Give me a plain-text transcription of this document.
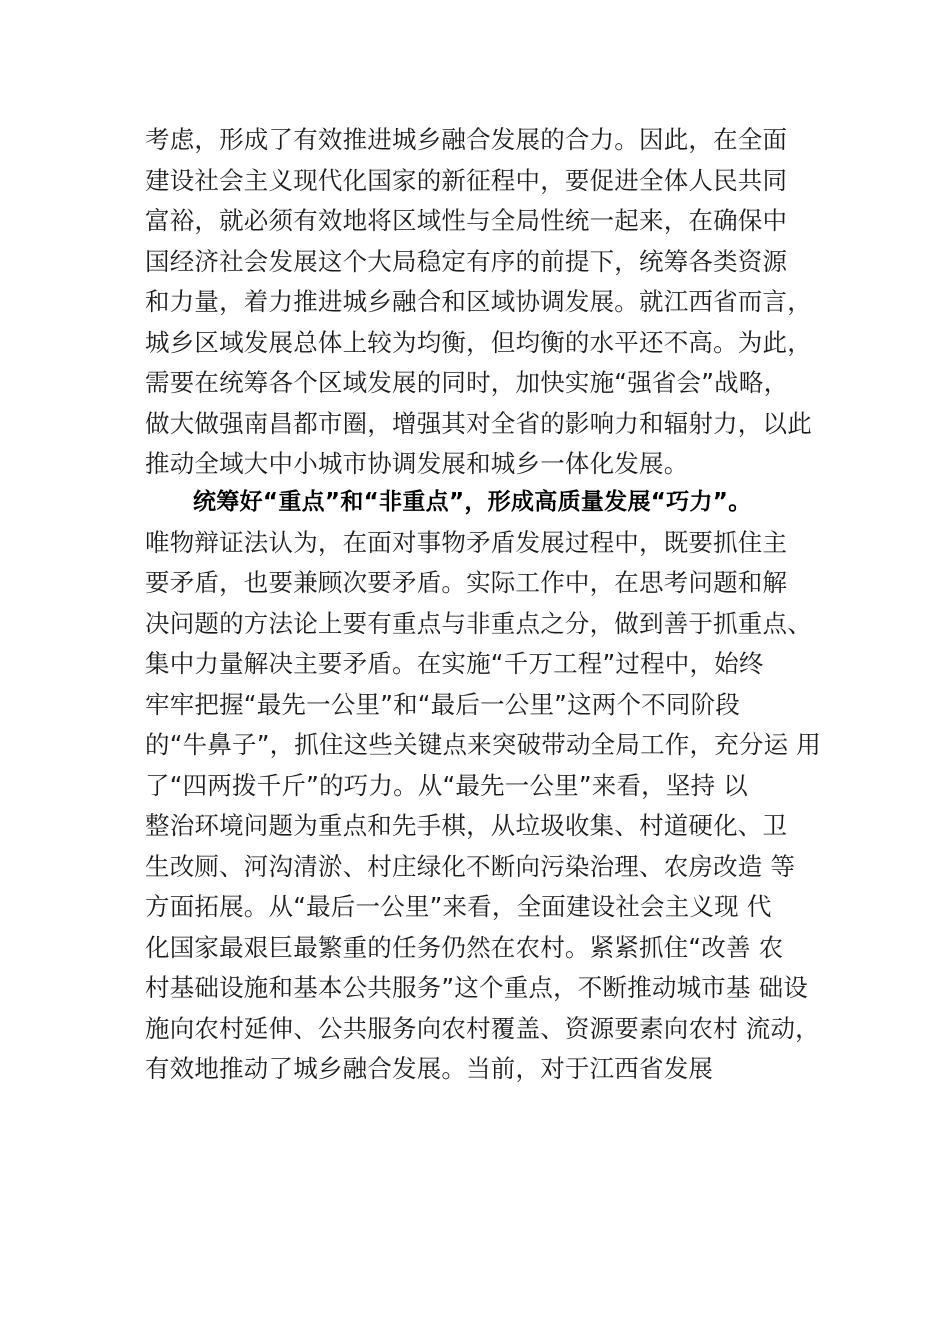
考虑，形成了有效推进城乡融合发展的合力。因此，在全面
建设社会主义现代化国家的新征程中，要促进全体人民共同
富裕，就必须有效地将区域性与全局性统一起来，在确保中
国经济社会发展这个大局稳定有序的前提下，统筹各类资源
和力量，着力推进城乡融合和区域协调发展。就江西省而言，
城乡区域发展总体上较为均衡，但均衡的水平还不高。为此，
需要在统筹各个区域发展的同时，加快实施“强省会”战略，
做大做强南昌都市圈，增强其对全省的影响力和辐射力，以此
推动全域大中小城市协调发展和城乡一体化发展。
统筹好“重点”和“非重点”，形成高质量发展“巧力”。
唯物辩证法认为，在面对事物矛盾发展过程中，既要抓住主
要矛盾，也要兼顾次要矛盾。实际工作中，在思考问题和解
决问题的方法论上要有重点与非重点之分，做到善于抓重点、
集中力量解决主要矛盾。在实施“千万工程”过程中，始终
牢牢把握“最先一公里”和“最后一公里”这两个不同阶段
的“牛鼻子”，抓住这些关键点来突破带动全局工作，充分运 用
了“四两拨千斤”的巧力。从“最先一公里”来看，坚持 以
整治环境问题为重点和先手棋，从垃圾收集、村道硬化、卫
生改厕、河沟清淤、村庄绿化不断向污染治理、农房改造 等
方面拓展。从“最后一公里”来看，全面建设社会主义现 代
化国家最艰巨最繁重的任务仍然在农村。紧紧抓住“改善 农
村基础设施和基本公共服务”这个重点，不断推动城市基 础设
施向农村延伸、公共服务向农村覆盖、资源要素向农村 流动，
有效地推动了城乡融合发展。当前，对于江西省发展
